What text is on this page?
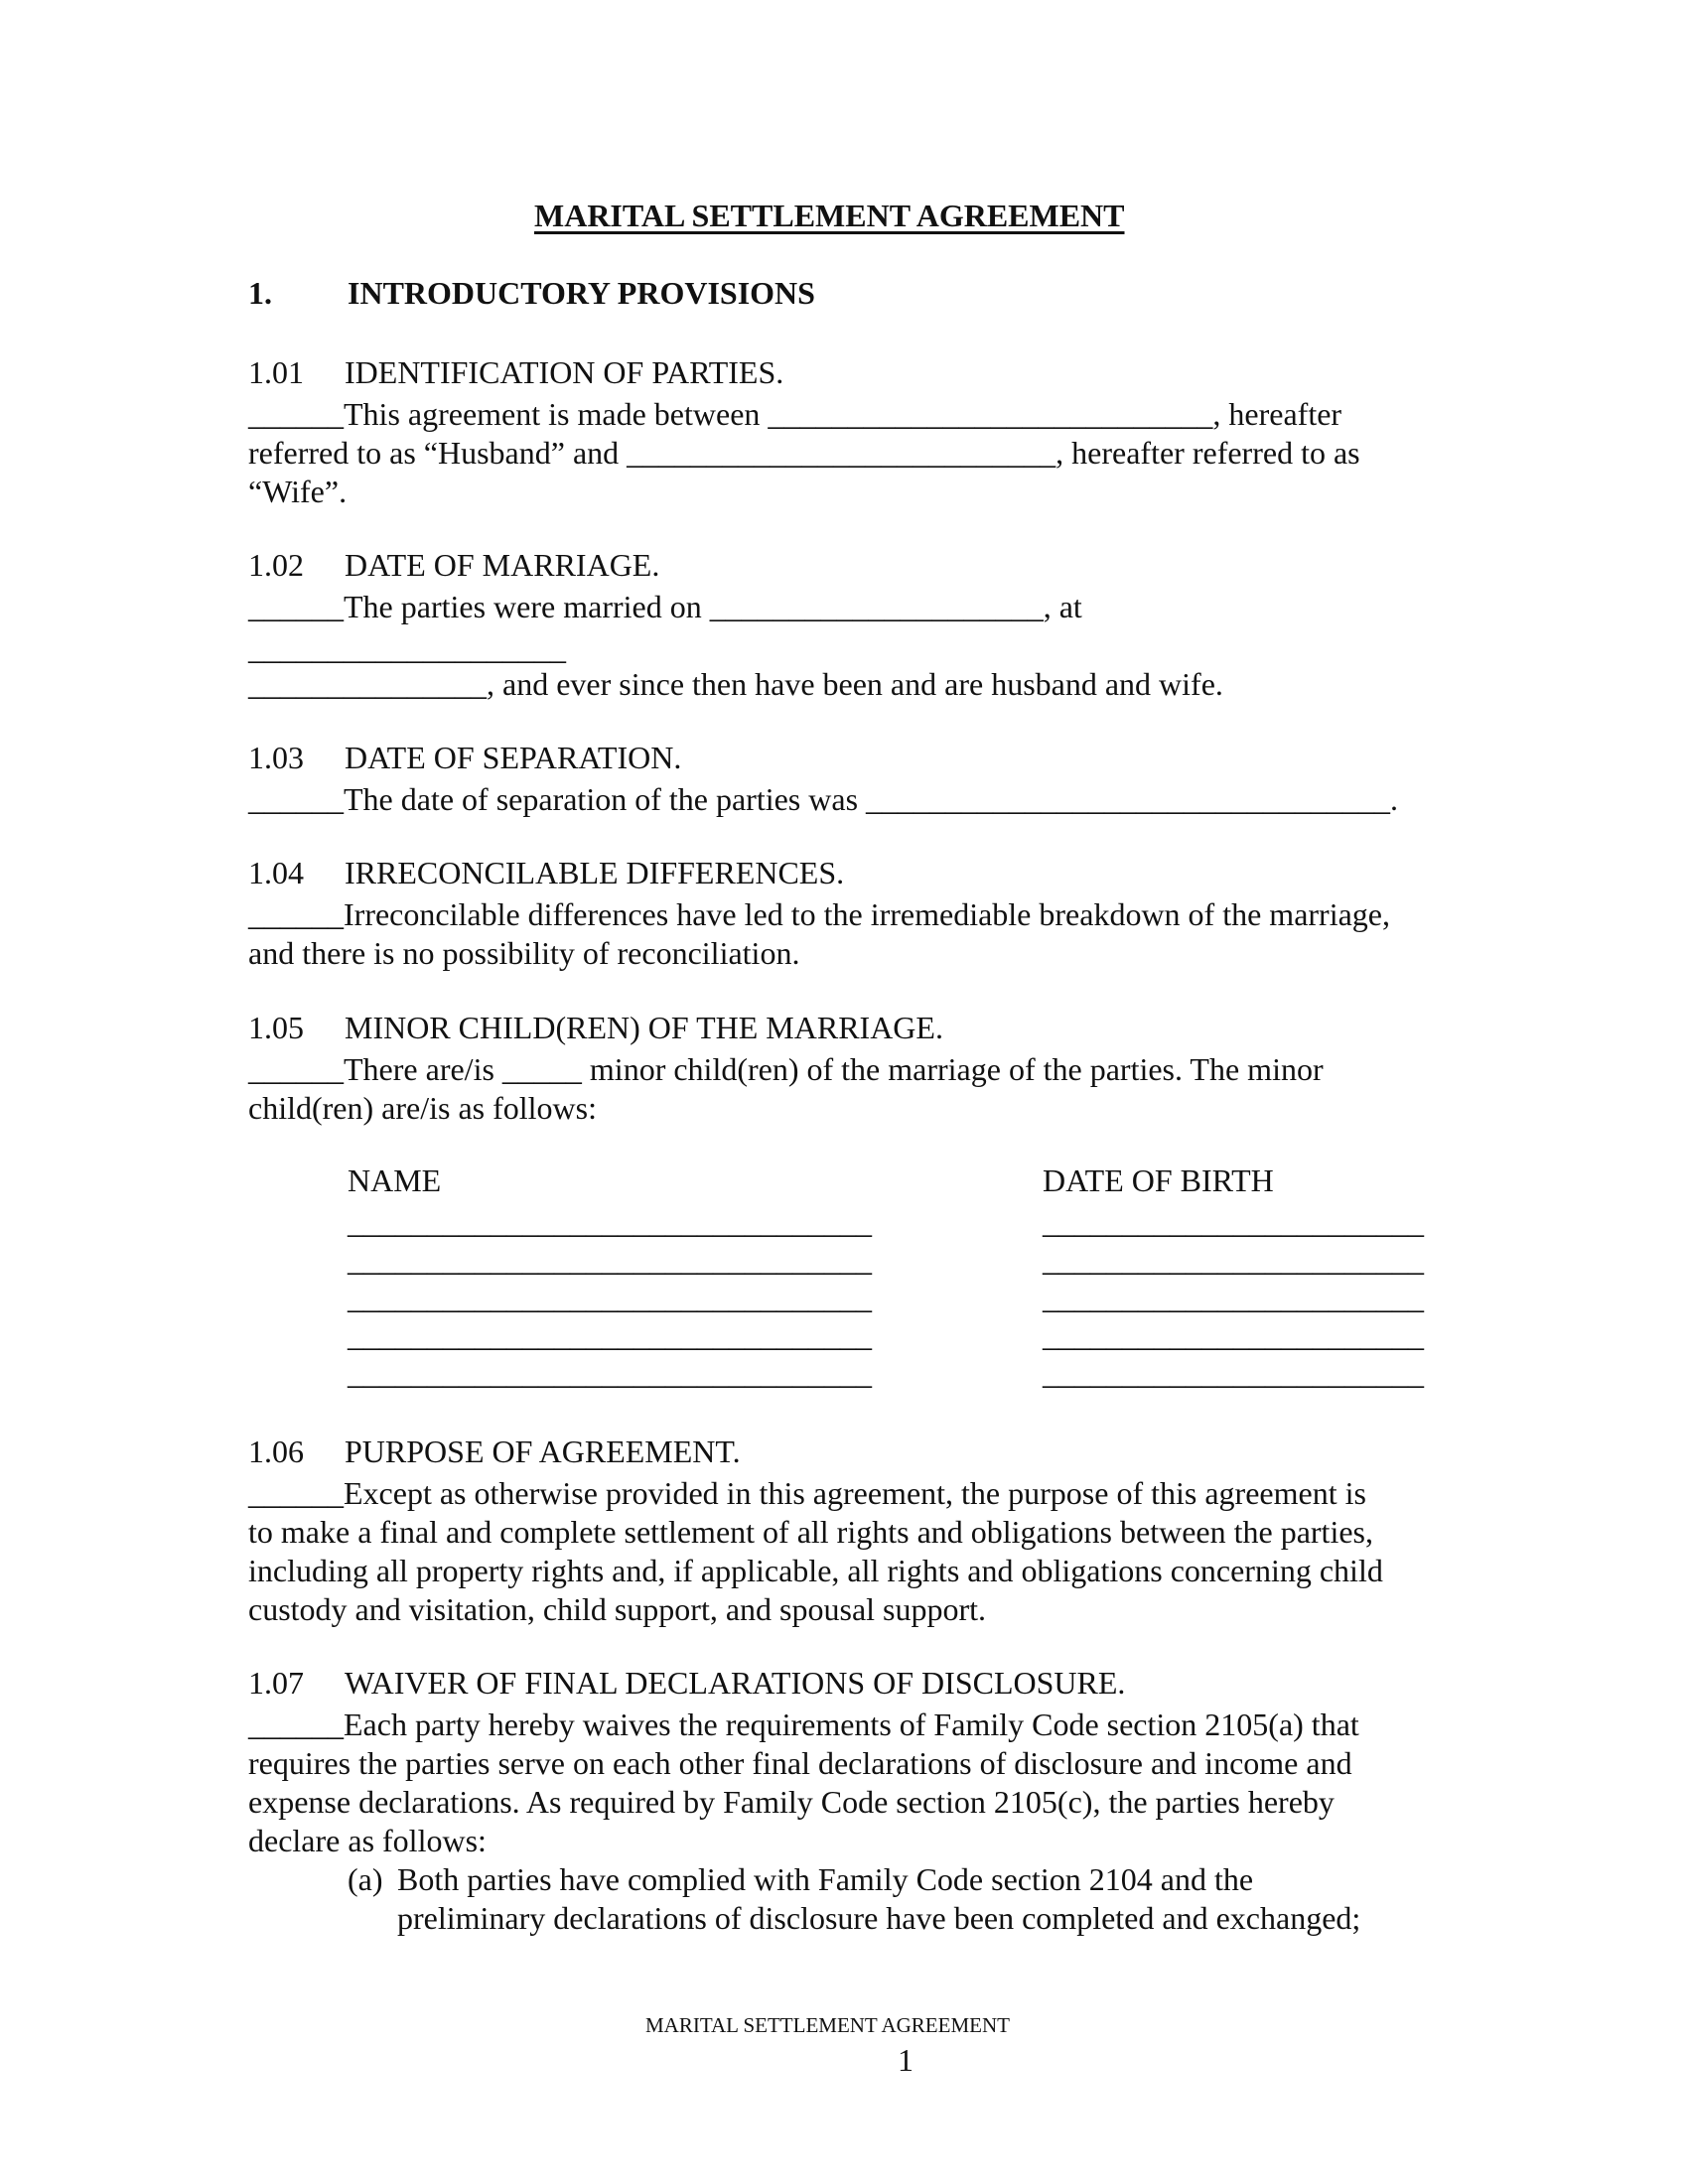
MARITAL SETTLEMENT AGREEMENT
1. INTRODUCTORY PROVISIONS
1.01 IDENTIFICATION OF PARTIES.
______This agreement is made between ____________________________, hereafter
referred to as “Husband” and ___________________________, hereafter referred to as
“Wife”.
1.02 DATE OF MARRIAGE.
______The parties were married on _____________________, at
____________________
_______________, and ever since then have been and are husband and wife.
1.03 DATE OF SEPARATION.
______The date of separation of the parties was _________________________________.
1.04 IRRECONCILABLE DIFFERENCES.
______Irreconcilable differences have led to the irremediable breakdown of the marriage,
and there is no possibility of reconciliation.
1.05 MINOR CHILD(REN) OF THE MARRIAGE.
______There are/is _____ minor child(ren) of the marriage of the parties. The minor
child(ren) are/is as follows:
NAME	DATE OF BIRTH
_________________________________	________________________
_________________________________	________________________
_________________________________	________________________
_________________________________	________________________
_________________________________	________________________
1.06 PURPOSE OF AGREEMENT.
______Except as otherwise provided in this agreement, the purpose of this agreement is
to make a final and complete settlement of all rights and obligations between the parties,
including all property rights and, if applicable, all rights and obligations concerning child
custody and visitation, child support, and spousal support.
1.07 WAIVER OF FINAL DECLARATIONS OF DISCLOSURE.
______Each party hereby waives the requirements of Family Code section 2105(a) that
requires the parties serve on each other final declarations of disclosure and income and
expense declarations. As required by Family Code section 2105(c), the parties hereby
declare as follows:
(a) Both parties have complied with Family Code section 2104 and the
preliminary declarations of disclosure have been completed and exchanged;
MARITAL SETTLEMENT AGREEMENT
1
